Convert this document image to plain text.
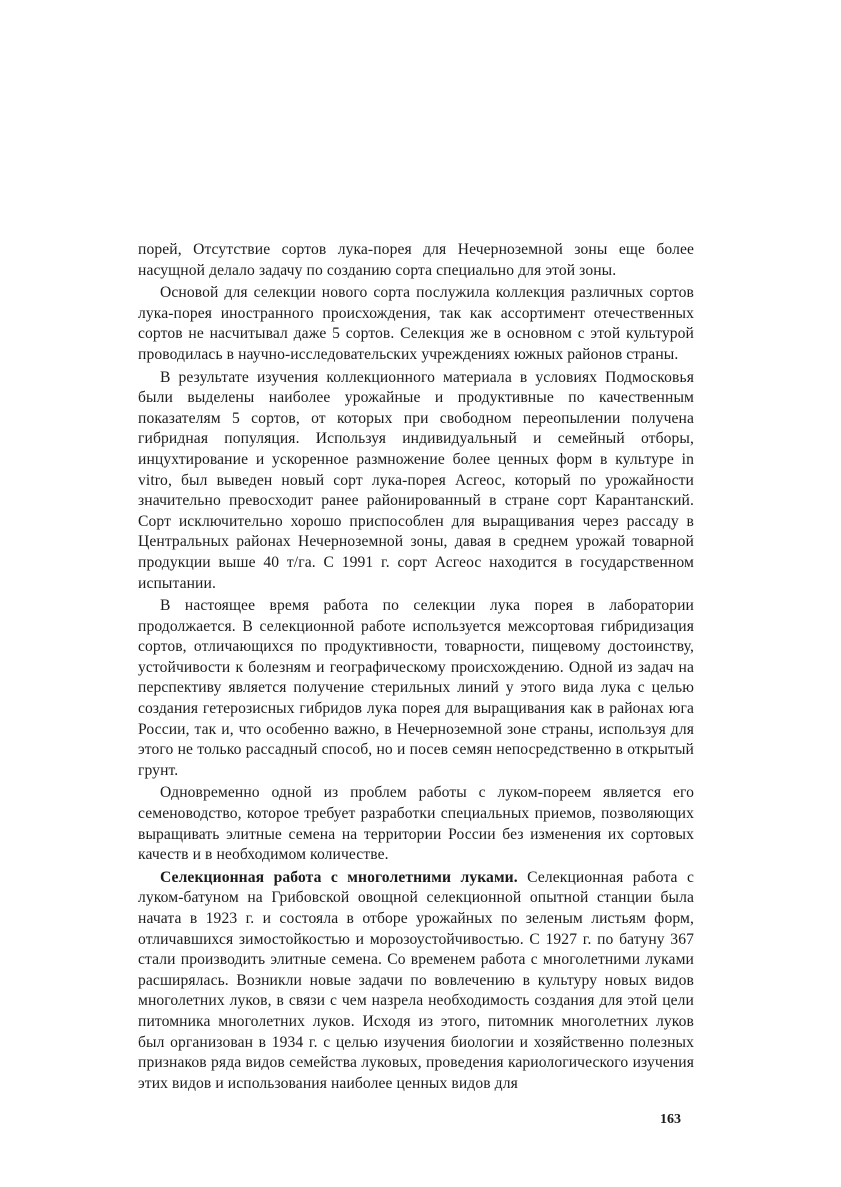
порей, Отсутствие сортов лука-порея для Нечерноземной зоны еще более насущной делало задачу по созданию сорта специально для этой зоны.

Основой для селекции нового сорта послужила коллекция различных сортов лука-порея иностранного происхождения, так как ассортимент отечественных сортов не насчитывал даже 5 сортов. Селекция же в основном с этой культурой проводилась в научно-исследовательских учреждениях южных районов страны.

В результате изучения коллекционного материала в условиях Подмосковья были выделены наиболее урожайные и продуктивные по качественным показателям 5 сортов, от которых при свободном переопылении получена гибридная популяция. Используя индивидуальный и семейный отборы, инцухтирование и ускоренное размножение более ценных форм в культуре in vitro, был выведен новый сорт лука-порея Асгеос, который по урожайности значительно превосходит ранее районированный в стране сорт Карантанский. Сорт исключительно хорошо приспособлен для выращивания через рассаду в Центральных районах Нечерноземной зоны, давая в среднем урожай товарной продукции выше 40 т/га. С 1991 г. сорт Асгеос находится в государственном испытании.

В настоящее время работа по селекции лука порея в лаборатории продолжается. В селекционной работе используется межсортовая гибридизация сортов, отличающихся по продуктивности, товарности, пищевому достоинству, устойчивости к болезням и географическому происхождению. Одной из задач на перспективу является получение стерильных линий у этого вида лука с целью создания гетерозисных гибридов лука порея для выращивания как в районах юга России, так и, что особенно важно, в Нечерноземной зоне страны, используя для этого не только рассадный способ, но и посев семян непосредственно в открытый грунт.

Одновременно одной из проблем работы с луком-пореем является его семеноводство, которое требует разработки специальных приемов, позволяющих выращивать элитные семена на территории России без изменения их сортовых качеств и в необходимом количестве.

Селекционная работа с многолетними луками. Селекционная работа с луком-батуном на Грибовской овощной селекционной опытной станции была начата в 1923 г. и состояла в отборе урожайных по зеленым листьям форм, отличавшихся зимостойкостью и морозоустойчивостью. С 1927 г. по батуну 367 стали производить элитные семена. Со временем работа с многолетними луками расширялась. Возникли новые задачи по вовлечению в культуру новых видов многолетних луков, в связи с чем назрела необходимость создания для этой цели питомника многолетних луков. Исходя из этого, питомник многолетних луков был организован в 1934 г. с целью изучения биологии и хозяйственно полезных признаков ряда видов семейства луковых, проведения кариологического изучения этих видов и использования наиболее ценных видов для

163
